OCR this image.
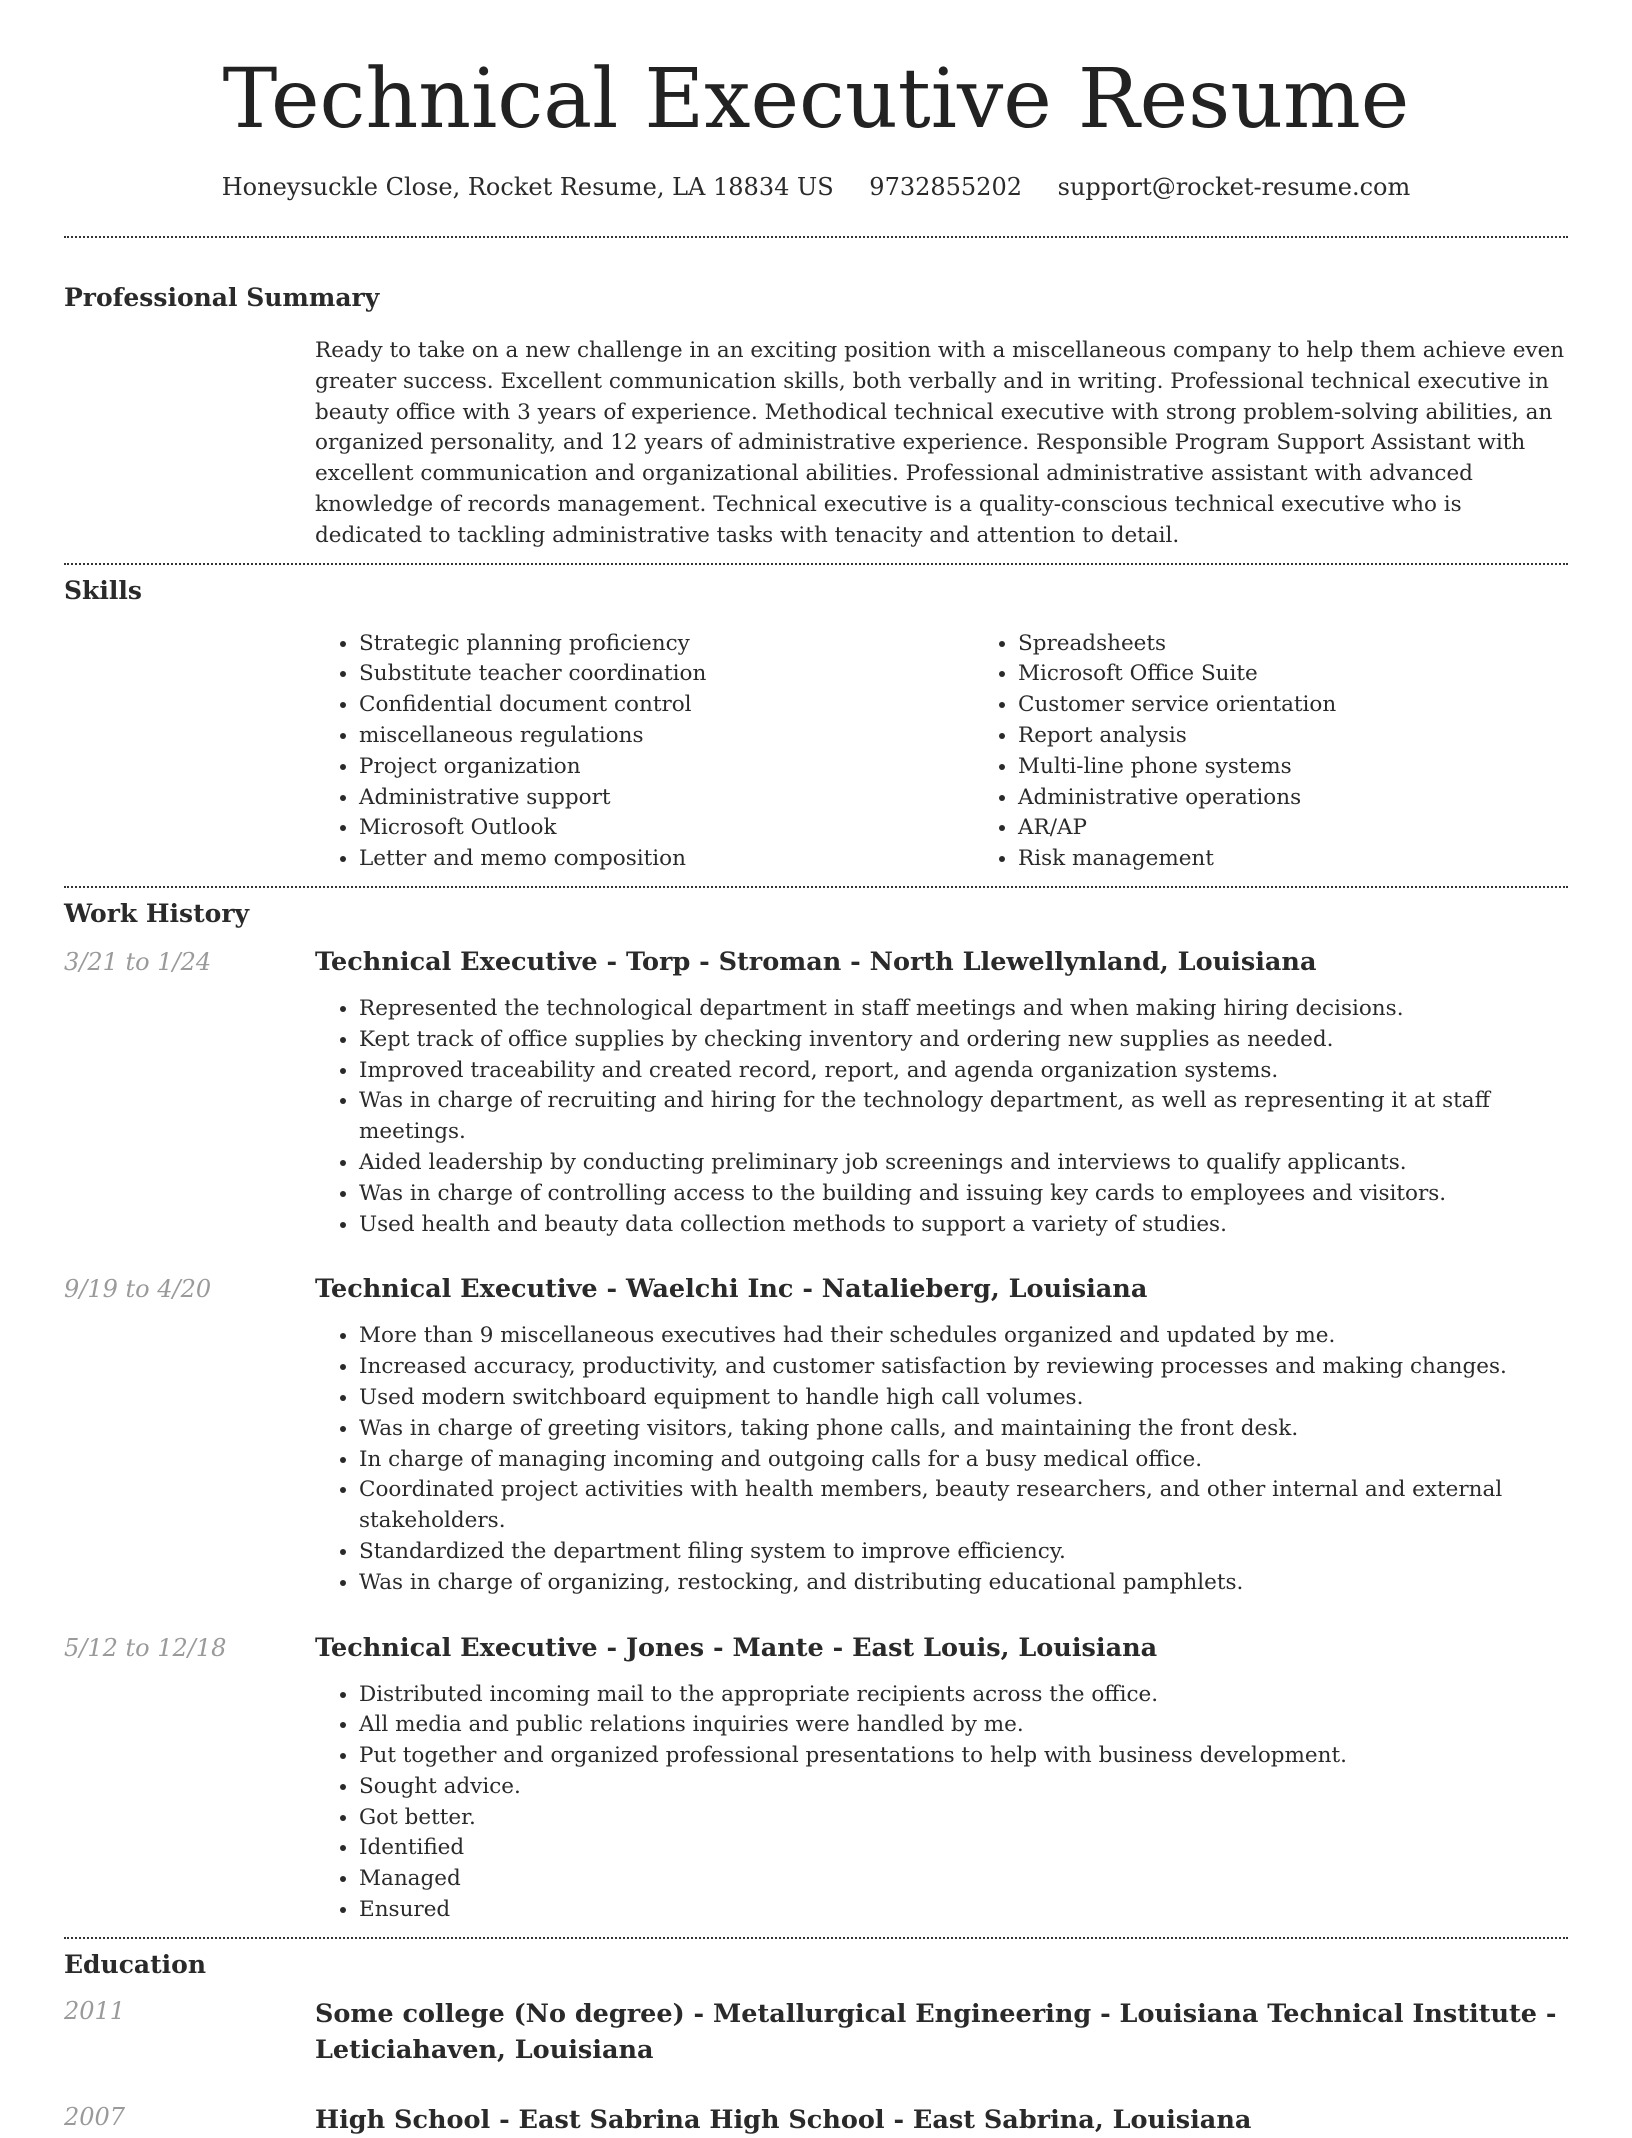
Technical Executive Resume
Honeysuckle Close, Rocket Resume, LA 18834 US 9732855202 support@rocket-resume.com
Professional Summary

Ready to take on a new challenge in an exciting position with a miscellaneous company to help them achieve even greater success. Excellent communication skills, both verbally and in writing. Professional technical executive in beauty office with 3 years of experience. Methodical technical executive with strong problem-solving abilities, an organized personality, and 12 years of administrative experience. Responsible Program Support Assistant with excellent communication and organizational abilities. Professional administrative assistant with advanced knowledge of records management. Technical executive is a quality-conscious technical executive who is dedicated to tackling administrative tasks with tenacity and attention to detail.

Skills
• Strategic planning proficiency
• Substitute teacher coordination
• Confidential document control
• miscellaneous regulations
• Project organization
• Administrative support
• Microsoft Outlook
• Letter and memo composition
• Spreadsheets
• Microsoft Office Suite
• Customer service orientation
• Report analysis
• Multi-line phone systems
• Administrative operations
• AR/AP
• Risk management
Work History
3/21 to 1/24	Technical Executive - Torp - Stroman - North Llewellynland, Louisiana
• Represented the technological department in staff meetings and when making hiring decisions.
• Kept track of office supplies by checking inventory and ordering new supplies as needed.
• Improved traceability and created record, report, and agenda organization systems.
• Was in charge of recruiting and hiring for the technology department, as well as representing it at staff meetings.
• Aided leadership by conducting preliminary job screenings and interviews to qualify applicants.
• Was in charge of controlling access to the building and issuing key cards to employees and visitors.
• Used health and beauty data collection methods to support a variety of studies.
9/19 to 4/20	Technical Executive - Waelchi Inc - Natalieberg, Louisiana
• More than 9 miscellaneous executives had their schedules organized and updated by me.
• Increased accuracy, productivity, and customer satisfaction by reviewing processes and making changes.
• Used modern switchboard equipment to handle high call volumes.
• Was in charge of greeting visitors, taking phone calls, and maintaining the front desk.
• In charge of managing incoming and outgoing calls for a busy medical office.
• Coordinated project activities with health members, beauty researchers, and other internal and external stakeholders.
• Standardized the department filing system to improve efficiency.
• Was in charge of organizing, restocking, and distributing educational pamphlets.
5/12 to 12/18	Technical Executive - Jones - Mante - East Louis, Louisiana
• Distributed incoming mail to the appropriate recipients across the office.
• All media and public relations inquiries were handled by me.
• Put together and organized professional presentations to help with business development.
• Sought advice.
• Got better.
• Identified
• Managed
• Ensured
Education
2011	Some college (No degree) - Metallurgical Engineering - Louisiana Technical Institute - Leticiahaven, Louisiana
2007	High School - East Sabrina High School - East Sabrina, Louisiana
